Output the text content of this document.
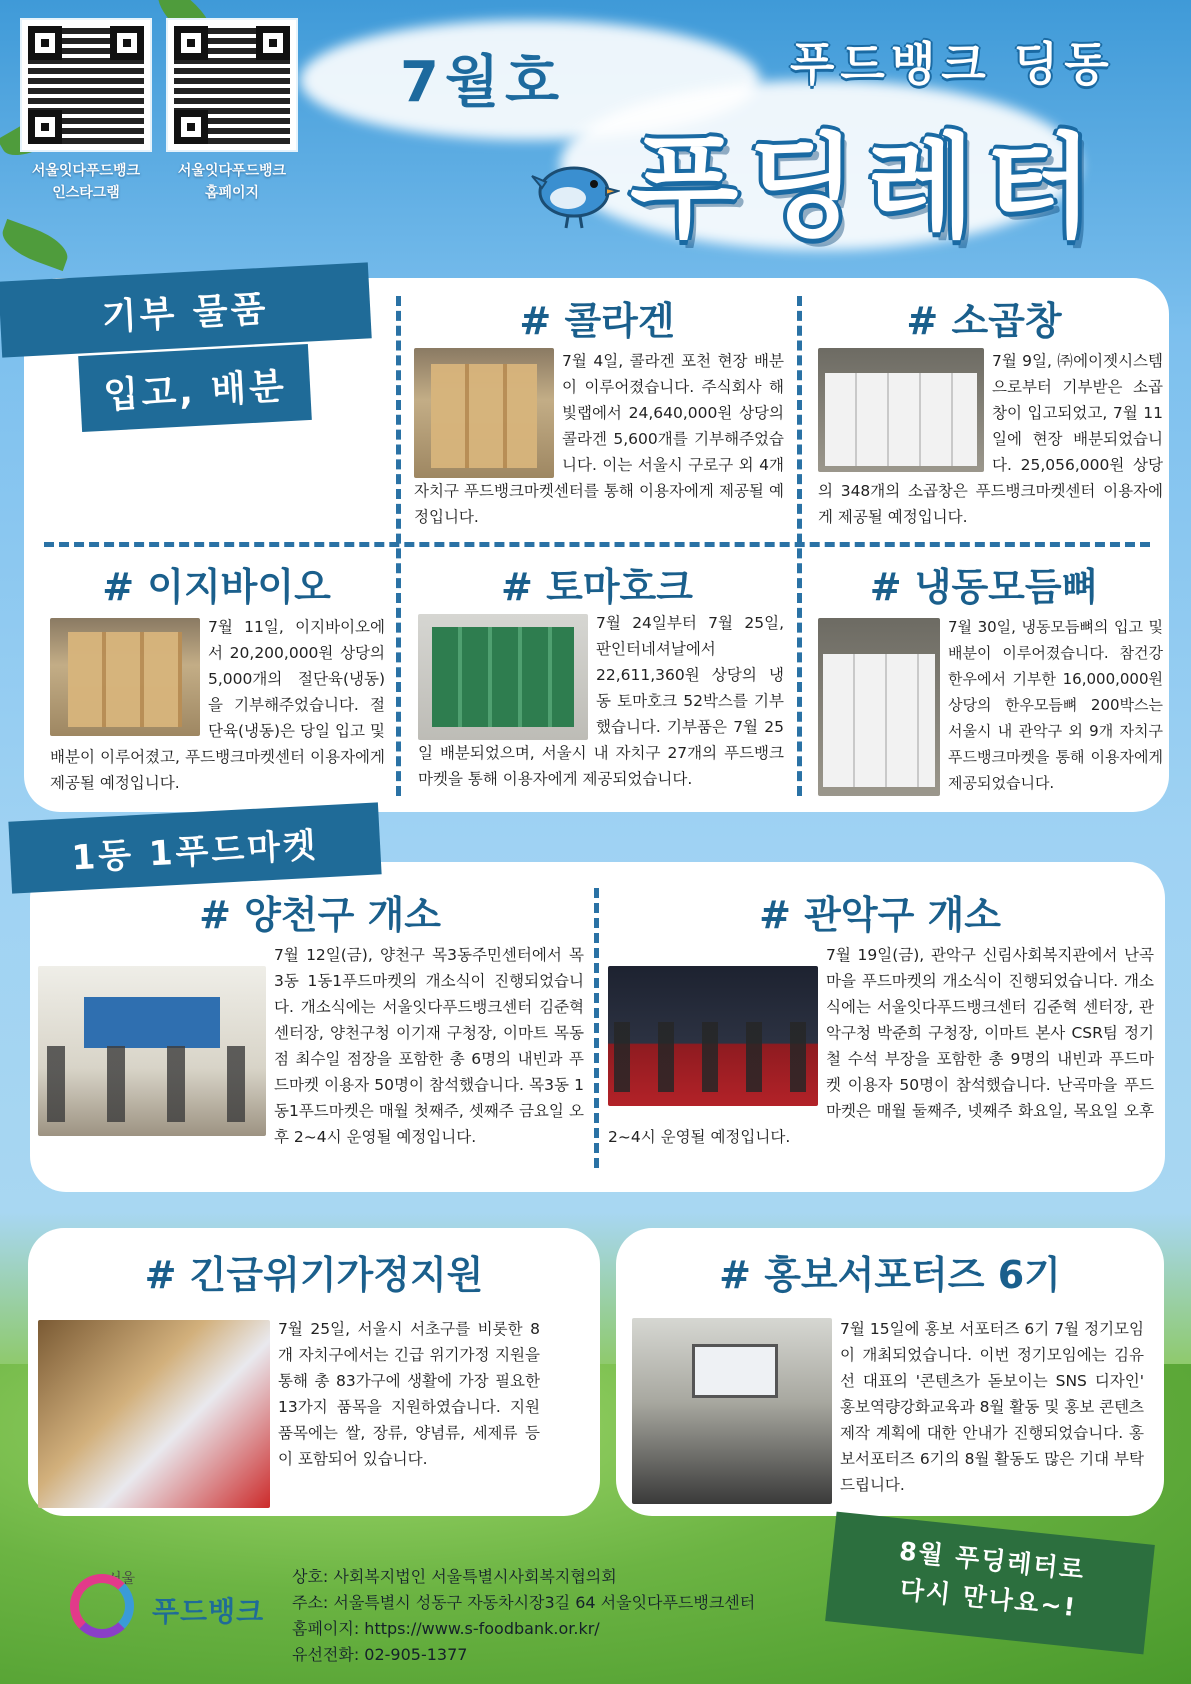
서울잇다푸드뱅크
인스타그램
서울잇다푸드뱅크
홈페이지
7월호	푸드뱅크 딩동
푸딩레터
기부 물품
입고, 배분
# 콜라겐
7월 4일, 콜라겐 포천 현장 배분이 이루어졌습니다. 주식회사 해빛랩에서 24,640,000원 상당의 콜라겐 5,600개를 기부해주었습니다. 이는 서울시 구로구 외 4개 자치구 푸드뱅크마켓센터를 통해 이용자에게 제공될 예정입니다.
# 소곱창
7월 9일, ㈜에이젯시스템으로부터 기부받은 소곱창이 입고되었고, 7월 11일에 현장 배분되었습니다. 25,056,000원 상당의 348개의 소곱창은 푸드뱅크마켓센터 이용자에게 제공될 예정입니다.
# 이지바이오
7월 11일, 이지바이오에서 20,200,000원 상당의 5,000개의 절단육(냉동)을 기부해주었습니다. 절단육(냉동)은 당일 입고 및 배분이 이루어졌고, 푸드뱅크마켓센터 이용자에게 제공될 예정입니다.
# 토마호크
7월 24일부터 7월 25일, 판인터네셔날에서 22,611,360원 상당의 냉동 토마호크 52박스를 기부했습니다. 기부품은 7월 25일 배분되었으며, 서울시 내 자치구 27개의 푸드뱅크마켓을 통해 이용자에게 제공되었습니다.
# 냉동모듬뼈
7월 30일, 냉동모듬뼈의 입고 및 배분이 이루어졌습니다. 참건강한우에서 기부한 16,000,000원 상당의 한우모듬뼈 200박스는 서울시 내 관악구 외 9개 자치구 푸드뱅크마켓을 통해 이용자에게 제공되었습니다.
1동 1푸드마켓
# 양천구 개소
7월 12일(금), 양천구 목3동주민센터에서 목3동 1동1푸드마켓의 개소식이 진행되었습니다. 개소식에는 서울잇다푸드뱅크센터 김준혁 센터장, 양천구청 이기재 구청장, 이마트 목동점 최수일 점장을 포함한 총 6명의 내빈과 푸드마켓 이용자 50명이 참석했습니다. 목3동 1동1푸드마켓은 매월 첫째주, 셋째주 금요일 오후 2~4시 운영될 예정입니다.
# 관악구 개소
7월 19일(금), 관악구 신림사회복지관에서 난곡마을 푸드마켓의 개소식이 진행되었습니다. 개소식에는 서울잇다푸드뱅크센터 김준혁 센터장, 관악구청 박준희 구청장, 이마트 본사 CSR팀 정기철 수석 부장을 포함한 총 9명의 내빈과 푸드마켓 이용자 50명이 참석했습니다. 난곡마을 푸드마켓은 매월 둘째주, 넷째주 화요일, 목요일 오후 2~4시 운영될 예정입니다.
# 긴급위기가정지원
7월 25일, 서울시 서초구를 비롯한 8개 자치구에서는 긴급 위기가정 지원을 통해 총 83가구에 생활에 가장 필요한 13가지 품목을 지원하였습니다. 지원 품목에는 쌀, 장류, 양념류, 세제류 등이 포함되어 있습니다.
# 홍보서포터즈 6기
7월 15일에 홍보 서포터즈 6기 7월 정기모임이 개최되었습니다. 이번 정기모임에는 김유선 대표의 '콘텐츠가 돋보이는 SNS 디자인' 홍보역량강화교육과 8월 활동 및 홍보 콘텐츠 제작 계획에 대한 안내가 진행되었습니다. 홍보서포터즈 6기의 8월 활동도 많은 기대 부탁드립니다.
서울
푸드뱅크
상호: 사회복지법인 서울특별시사회복지협의회
주소: 서울특별시 성동구 자동차시장3길 64 서울잇다푸드뱅크센터
홈페이지: https://www.s-foodbank.or.kr/
유선전화: 02-905-1377
8월 푸딩레터로
다시 만나요~!
